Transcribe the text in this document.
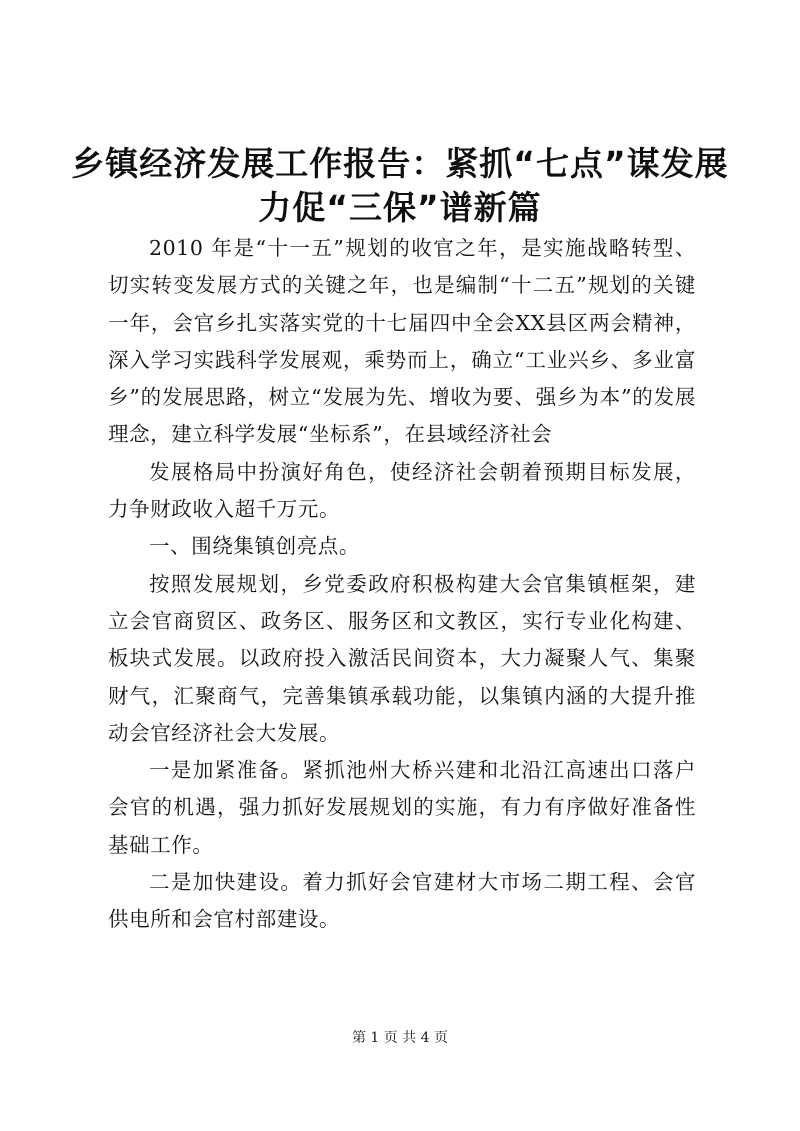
乡镇经济发展工作报告：紧抓“七点”谋发展
力促“三保”谱新篇

2010 年是“十一五”规划的收官之年，是实施战略转型、切实转变发展方式的关键之年，也是编制“十二五”规划的关键一年，会官乡扎实落实党的十七届四中全会XX县区两会精神，深入学习实践科学发展观，乘势而上，确立“工业兴乡、多业富乡”的发展思路，树立“发展为先、增收为要、强乡为本”的发展理念，建立科学发展“坐标系”，在县域经济社会

发展格局中扮演好角色，使经济社会朝着预期目标发展，力争财政收入超千万元。

一、围绕集镇创亮点。

按照发展规划，乡党委政府积极构建大会官集镇框架，建立会官商贸区、政务区、服务区和文教区，实行专业化构建、板块式发展。以政府投入激活民间资本，大力凝聚人气、集聚财气，汇聚商气，完善集镇承载功能，以集镇内涵的大提升推动会官经济社会大发展。

一是加紧准备。紧抓池州大桥兴建和北沿江高速出口落户会官的机遇，强力抓好发展规划的实施，有力有序做好准备性基础工作。

二是加快建设。着力抓好会官建材大市场二期工程、会官供电所和会官村部建设。

第 1 页 共 4 页
